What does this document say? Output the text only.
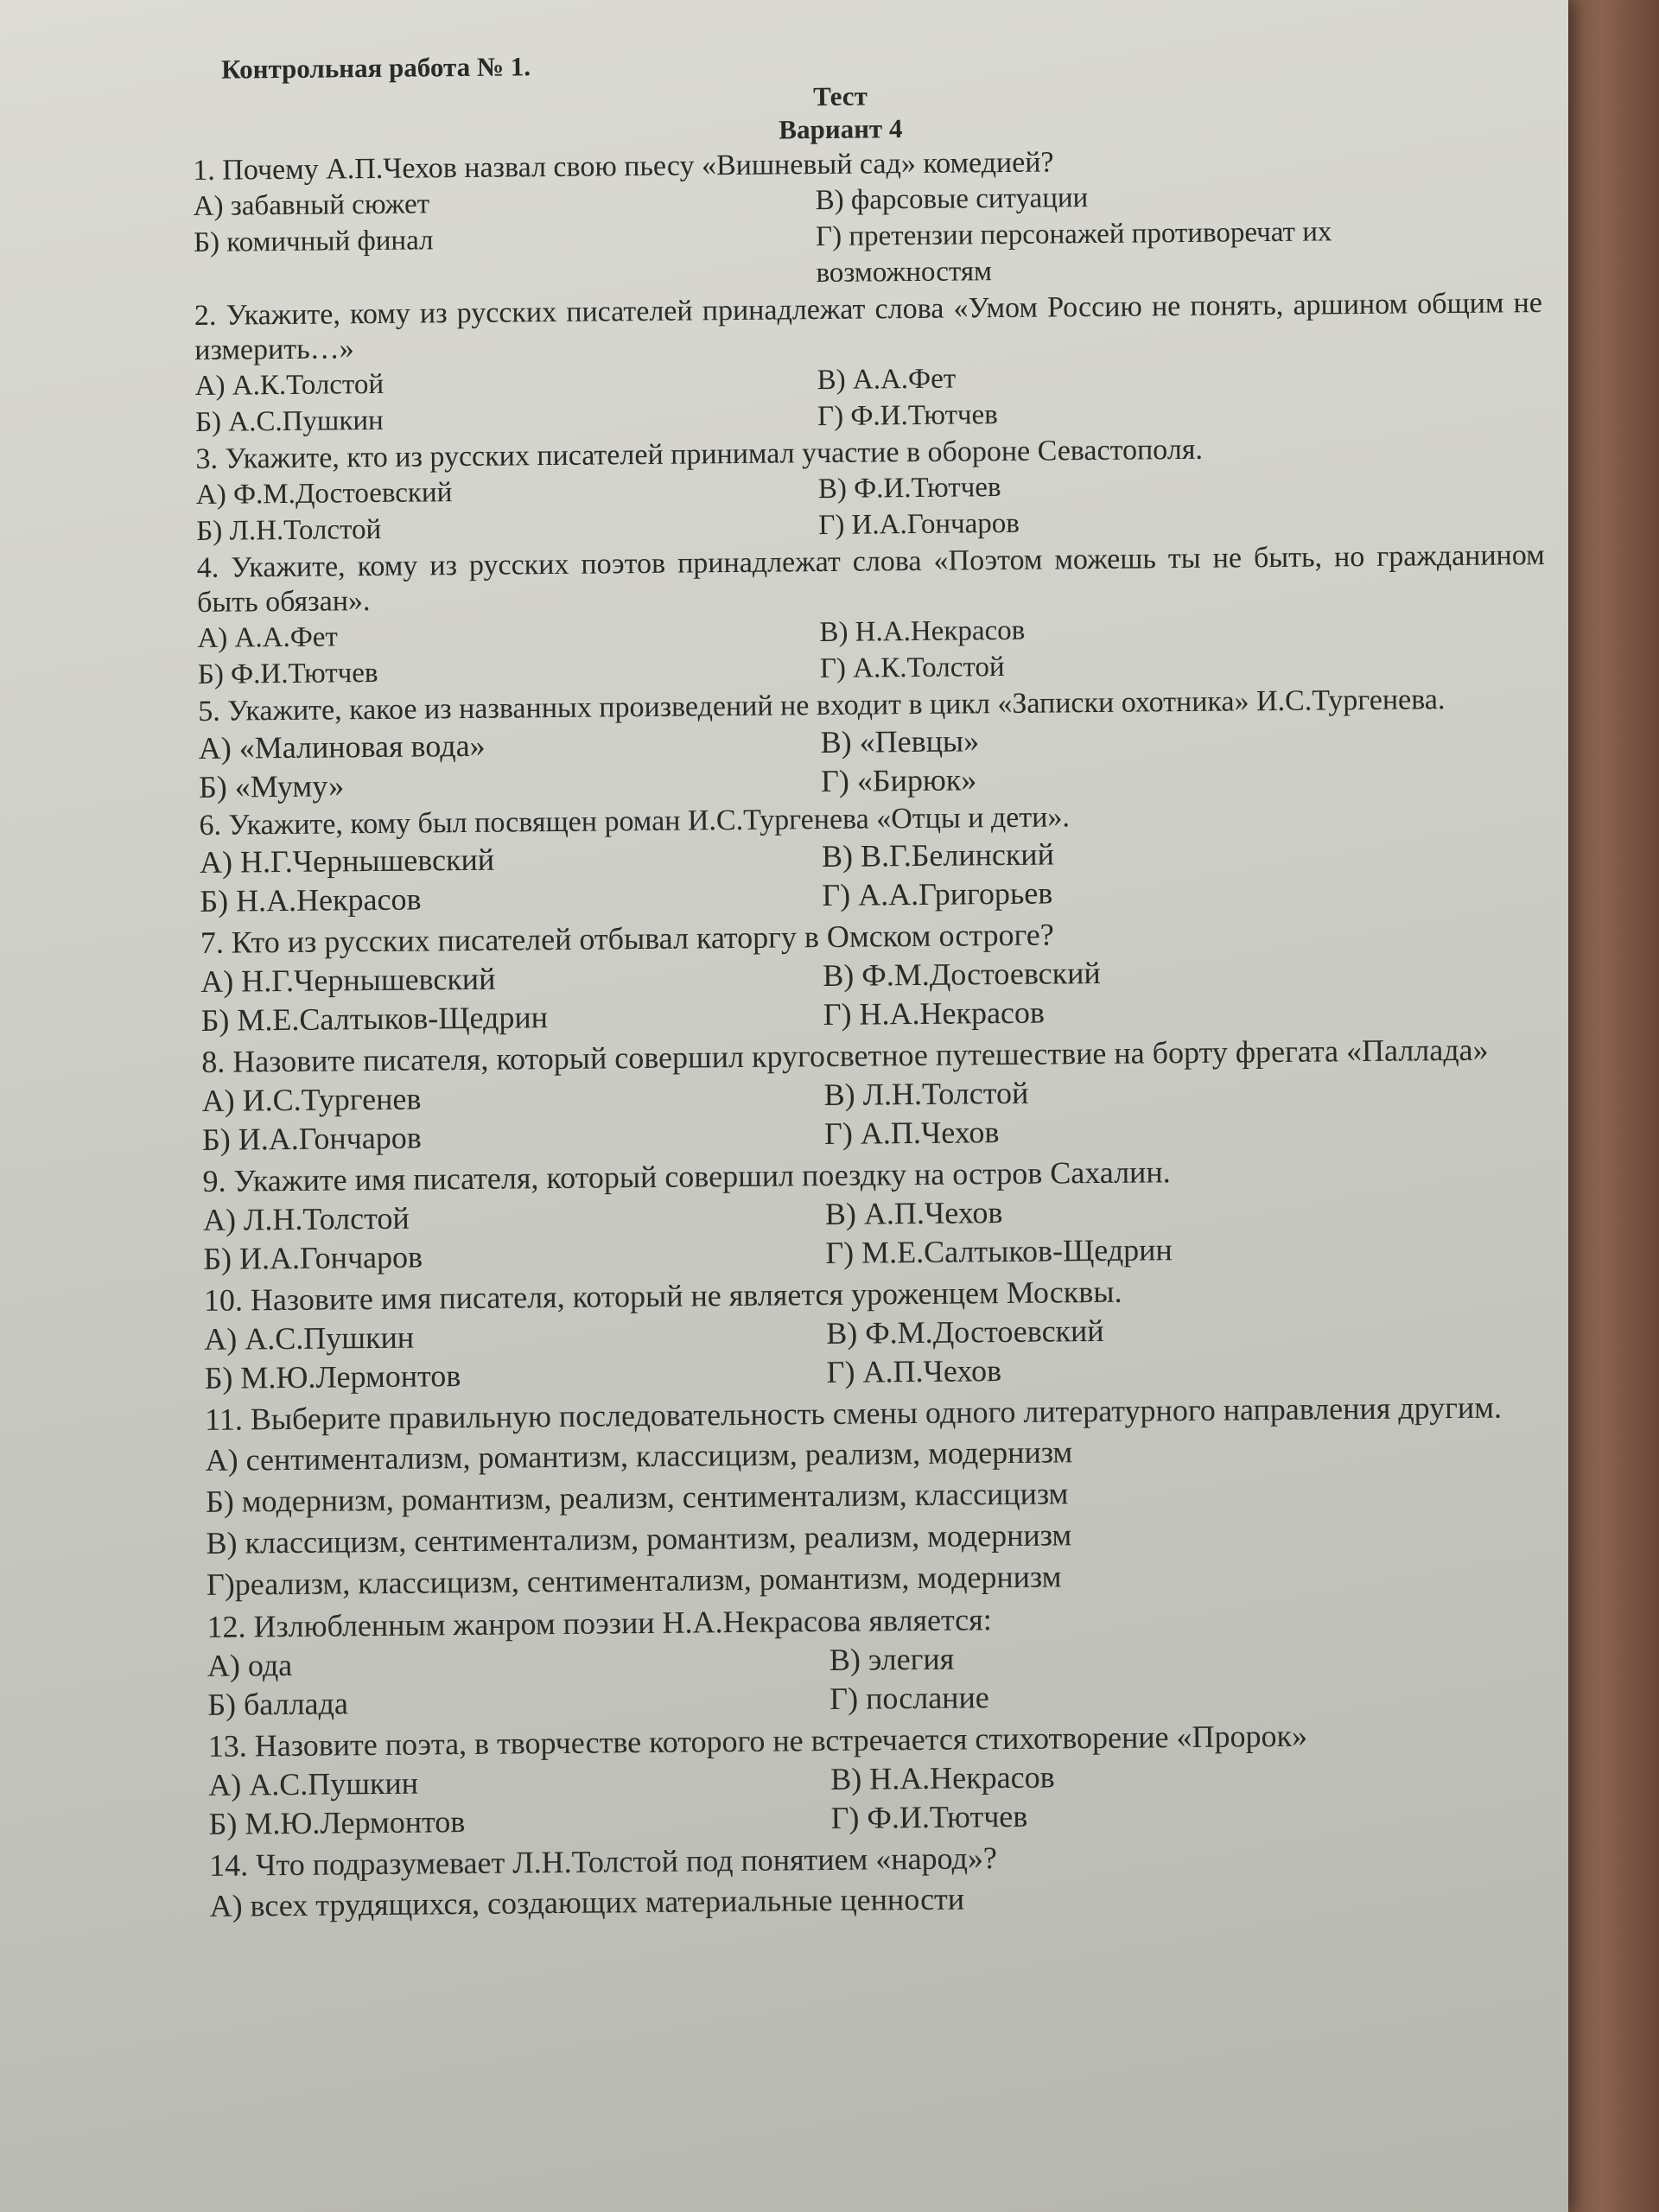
Контрольная работа № 1.
Тест
Вариант 4
1. Почему А.П.Чехов назвал свою пьесу «Вишневый сад» комедией?
А) забавный сюжет	В) фарсовые ситуации
Б) комичный финал	Г) претензии персонажей противоречат их возможностям
2. Укажите, кому из русских писателей принадлежат слова «Умом Россию не понять, аршином общим не измерить…»
А) А.К.Толстой	В) А.А.Фет
Б) А.С.Пушкин	Г) Ф.И.Тютчев
3. Укажите, кто из русских писателей принимал участие в обороне Севастополя.
А) Ф.М.Достоевский	В) Ф.И.Тютчев
Б) Л.Н.Толстой	Г) И.А.Гончаров
4. Укажите, кому из русских поэтов принадлежат слова «Поэтом можешь ты не быть, но гражданином быть обязан».
А) А.А.Фет	В) Н.А.Некрасов
Б) Ф.И.Тютчев	Г) А.К.Толстой
5. Укажите, какое из названных произведений не входит в цикл «Записки охотника» И.С.Тургенева.
А) «Малиновая вода»	В) «Певцы»
Б) «Муму»	Г) «Бирюк»
6. Укажите, кому был посвящен роман И.С.Тургенева «Отцы и дети».
А) Н.Г.Чернышевский	В) В.Г.Белинский
Б) Н.А.Некрасов	Г) А.А.Григорьев
7. Кто из русских писателей отбывал каторгу в Омском остроге?
А) Н.Г.Чернышевский	В) Ф.М.Достоевский
Б) М.Е.Салтыков-Щедрин	Г) Н.А.Некрасов
8. Назовите писателя, который совершил кругосветное путешествие на борту фрегата «Паллада»
А) И.С.Тургенев	В) Л.Н.Толстой
Б) И.А.Гончаров	Г) А.П.Чехов
9. Укажите имя писателя, который совершил поездку на остров Сахалин.
А) Л.Н.Толстой	В) А.П.Чехов
Б) И.А.Гончаров	Г) М.Е.Салтыков-Щедрин
10. Назовите имя писателя, который не является уроженцем Москвы.
А) А.С.Пушкин	В) Ф.М.Достоевский
Б) М.Ю.Лермонтов	Г) А.П.Чехов
11. Выберите правильную последовательность смены одного литературного направления другим.
А) сентиментализм, романтизм, классицизм, реализм, модернизм
Б) модернизм, романтизм, реализм, сентиментализм, классицизм
В) классицизм, сентиментализм, романтизм, реализм, модернизм
Г)реализм, классицизм, сентиментализм, романтизм, модернизм
12. Излюбленным жанром поэзии Н.А.Некрасова является:
А) ода	В) элегия
Б) баллада	Г) послание
13. Назовите поэта, в творчестве которого не встречается стихотворение «Пророк»
А) А.С.Пушкин	В) Н.А.Некрасов
Б) М.Ю.Лермонтов	Г) Ф.И.Тютчев
14. Что подразумевает Л.Н.Толстой под понятием «народ»?
А) всех трудящихся, создающих материальные ценности
